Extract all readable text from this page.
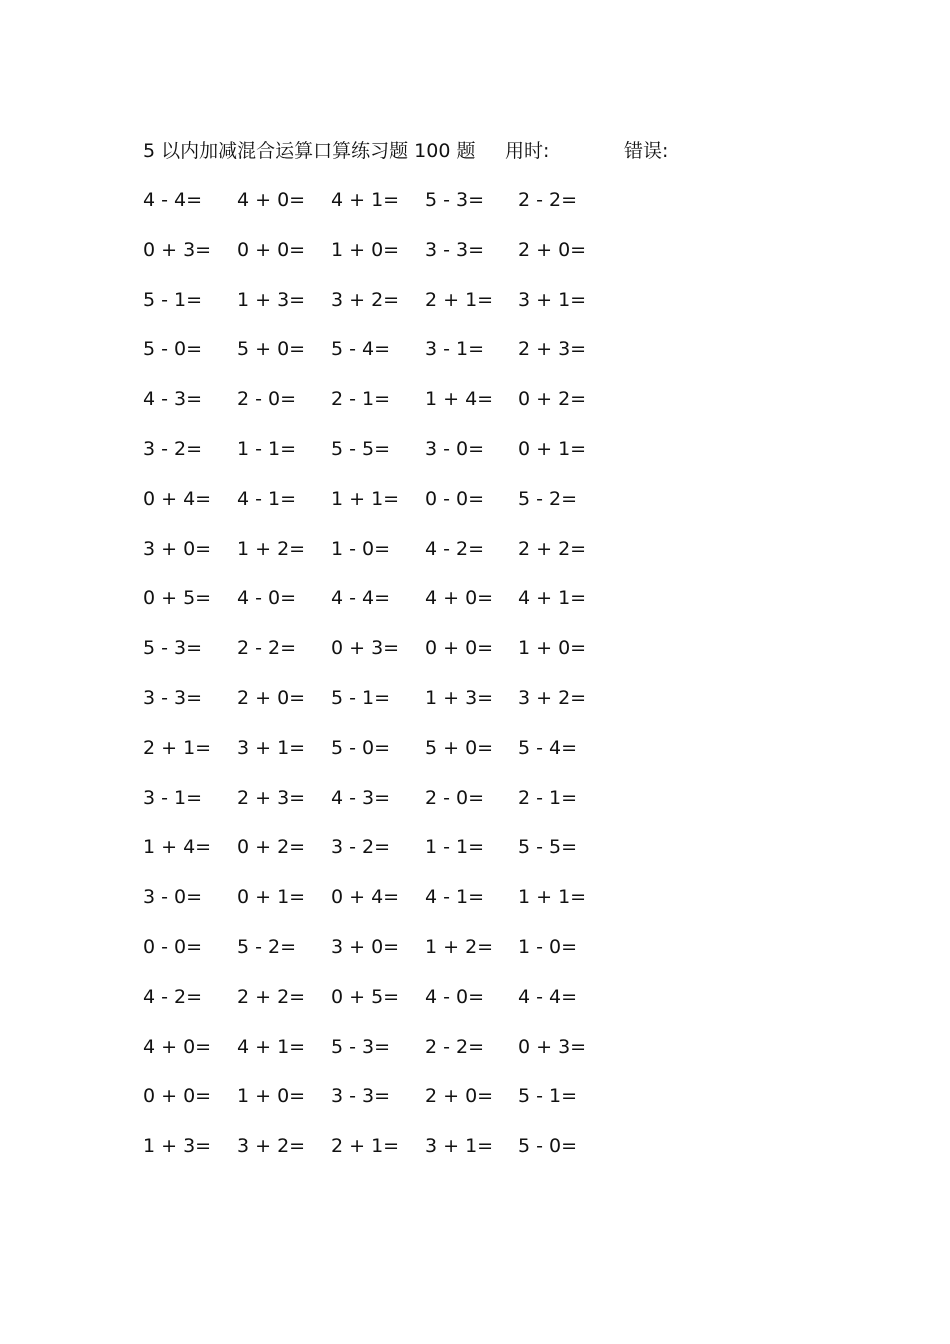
5 以内加减混合运算口算练习题 100 题 用时:	错误:
4 - 4= 4 + 0= 4 + 1= 5 - 3= 2 - 2=
0 + 3= 0 + 0= 1 + 0= 3 - 3= 2 + 0=
5 - 1= 1 + 3= 3 + 2= 2 + 1= 3 + 1=
5 - 0= 5 + 0= 5 - 4= 3 - 1= 2 + 3=
4 - 3= 2 - 0= 2 - 1= 1 + 4= 0 + 2=
3 - 2= 1 - 1= 5 - 5= 3 - 0= 0 + 1=
0 + 4= 4 - 1= 1 + 1= 0 - 0= 5 - 2=
3 + 0= 1 + 2= 1 - 0= 4 - 2= 2 + 2=
0 + 5= 4 - 0= 4 - 4= 4 + 0= 4 + 1=
5 - 3= 2 - 2= 0 + 3= 0 + 0= 1 + 0=
3 - 3= 2 + 0= 5 - 1= 1 + 3= 3 + 2=
2 + 1= 3 + 1= 5 - 0= 5 + 0= 5 - 4=
3 - 1= 2 + 3= 4 - 3= 2 - 0= 2 - 1=
1 + 4= 0 + 2= 3 - 2= 1 - 1= 5 - 5=
3 - 0= 0 + 1= 0 + 4= 4 - 1= 1 + 1=
0 - 0= 5 - 2= 3 + 0= 1 + 2= 1 - 0=
4 - 2= 2 + 2= 0 + 5= 4 - 0= 4 - 4=
4 + 0= 4 + 1= 5 - 3= 2 - 2= 0 + 3=
0 + 0= 1 + 0= 3 - 3= 2 + 0= 5 - 1=
1 + 3= 3 + 2= 2 + 1= 3 + 1= 5 - 0=
